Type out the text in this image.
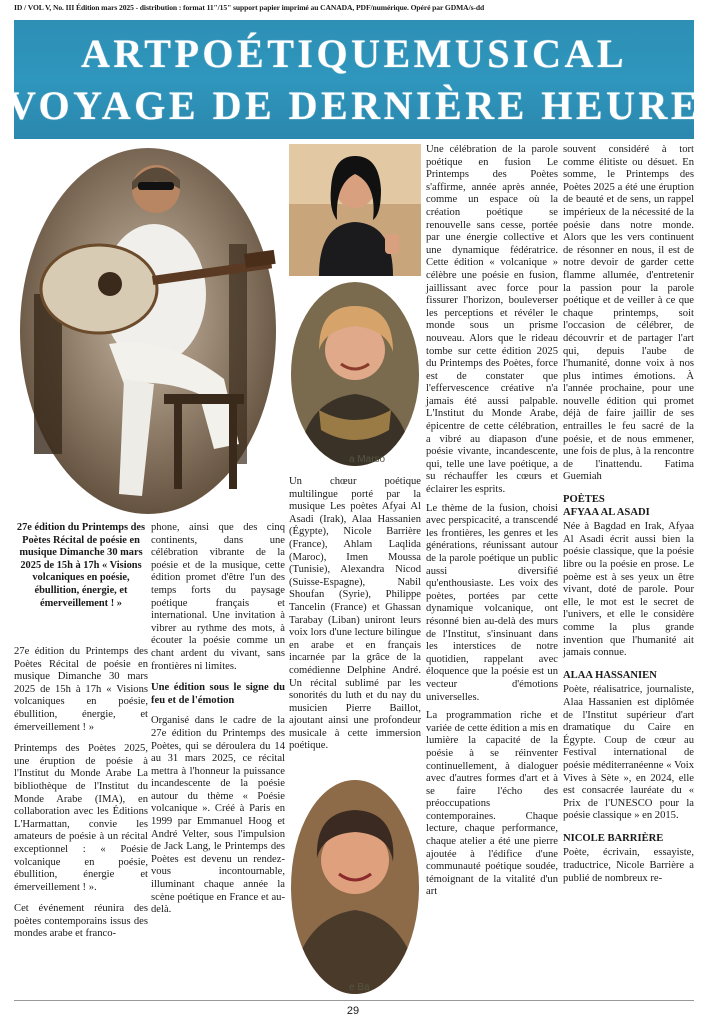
ID / VOL V, No. III Édition mars 2025 - distribution : format 11"/15" support papier imprimé au CANADA, PDF/numérique. Opéré par GDMA/s-dd
ARTPOÉTIQUEMUSICAL
VOYAGE DE DERNIÈRE HEURE
a Marso
e Ba
27e édition du Printemps des Poètes Récital de poésie en musique Dimanche 30 mars 2025 de 15h à 17h « Visions volcaniques en poésie, ébullition, énergie, et émerveillement ! »

27e édition du Printemps des Poètes Récital de poésie en musique Dimanche 30 mars 2025 de 15h à 17h « Visions volcaniques en poésie, ébullition, énergie, et émerveillement ! »

Printemps des Poètes 2025, une éruption de poésie à l'Institut du Monde Arabe La bibliothèque de l'Institut du Monde Arabe (IMA), en collaboration avec les Éditions L'Harmattan, convie les amateurs de poésie à un récital exceptionnel : « Poésie volcanique en poésie, ébullition, énergie et émerveillement ! ».

Cet événement réunira des poètes contemporains issus des mondes arabe et franco-

phone, ainsi que des cinq continents, dans une célébration vibrante de la poésie et de la musique, cette édition promet d'être l'un des temps forts du paysage poétique français et international. Une invitation à vibrer au rythme des mots, à écouter la poésie comme un chant ardent du vivant, sans frontières ni limites.

Une édition sous le signe du feu et de l'émotion

Organisé dans le cadre de la 27e édition du Printemps des Poètes, qui se déroulera du 14 au 31 mars 2025, ce récital mettra à l'honneur la puissance incandescente de la poésie autour du thème « Poésie volcanique ». Créé à Paris en 1999 par Emmanuel Hoog et André Velter, sous l'impulsion de Jack Lang, le Printemps des Poètes est devenu un rendez-vous incontournable, illuminant chaque année la scène poétique en France et au-delà.

Un chœur poétique multilingue porté par la musique Les poètes Afyai Al Asadi (Irak), Alaa Hassanien (Égypte), Nicole Barrière (France), Ahlam Laqlida (Maroc), Imen Moussa (Tunisie), Alexandra Nicod (Suisse-Espagne), Nabil Shoufan (Syrie), Philippe Tancelin (France) et Ghassan Tarabay (Liban) uniront leurs voix lors d'une lecture bilingue en arabe et en français incarnée par la grâce de la comédienne Delphine André. Un récital sublimé par les sonorités du luth et du nay du musicien Pierre Baillot, ajoutant ainsi une profondeur musicale à cette immersion poétique.

Une célébration de la parole poétique en fusion Le Printemps des Poètes s'affirme, année après année, comme un espace où la création poétique se renouvelle sans cesse, portée par une énergie collective et une dynamique fédératrice. Cette édition « volcanique » célèbre une poésie en fusion, jaillissant avec force pour fissurer l'horizon, bouleverser les perceptions et révéler le monde sous un prisme nouveau. Alors que le rideau tombe sur cette édition 2025 du Printemps des Poètes, force est de constater que l'effervescence créative n'a jamais été aussi palpable. L'Institut du Monde Arabe, épicentre de cette célébration, a vibré au diapason d'une poésie vivante, incandescente, qui, telle une lave poétique, a su réchauffer les cœurs et éclairer les esprits.

Le thème de la fusion, choisi avec perspicacité, a transcendé les frontières, les genres et les générations, réunissant autour de la parole poétique un public aussi diversifié qu'enthousiaste. Les voix des poètes, portées par cette dynamique volcanique, ont résonné bien au-delà des murs de l'Institut, s'insinuant dans les interstices de notre quotidien, rappelant avec éloquence que la poésie est un vecteur d'émotions universelles.

La programmation riche et variée de cette édition a mis en lumière la capacité de la poésie à se réinventer continuellement, à dialoguer avec d'autres formes d'art et à se faire l'écho des préoccupations contemporaines. Chaque lecture, chaque performance, chaque atelier a été une pierre ajoutée à l'édifice d'une communauté poétique soudée, témoignant de la vitalité d'un art

souvent considéré à tort comme élitiste ou désuet. En somme, le Printemps des Poètes 2025 a été une éruption de beauté et de sens, un rappel impérieux de la nécessité de la poésie dans notre monde. Alors que les vers continuent de résonner en nous, il est de notre devoir de garder cette flamme allumée, d'entretenir la passion pour la parole poétique et de veiller à ce que chaque printemps, soit l'occasion de célébrer, de découvrir et de partager l'art qui, depuis l'aube de l'humanité, donne voix à nos plus intimes émotions. À l'année prochaine, pour une nouvelle édition qui promet déjà de faire jaillir de ses entrailles le feu sacré de la poésie, et de nous emmener, une fois de plus, à la rencontre de l'inattendu. Fatima Guemiah

POÈTES
AFYAA AL ASADI

Née à Bagdad en Irak, Afyaa Al Asadi écrit aussi bien la poésie classique, que la poésie libre ou la poésie en prose. Le poème est à ses yeux un être vivant, doté de parole. Pour elle, le mot est le secret de l'univers, et elle le considère comme la plus grande invention que l'humanité ait jamais connue.

ALAA HASSANIEN

Poète, réalisatrice, journaliste, Alaa Hassanien est diplômée de l'Institut supérieur d'art dramatique du Caire en Égypte. Coup de cœur au Festival international de poésie méditerranéenne « Voix Vives à Sète », en 2024, elle est consacrée lauréate du « Prix de l'UNESCO pour la poésie classique » en 2015.

NICOLE BARRIÈRE

Poète, écrivain, essayiste, traductrice, Nicole Barrière a publié de nombreux re-

29
